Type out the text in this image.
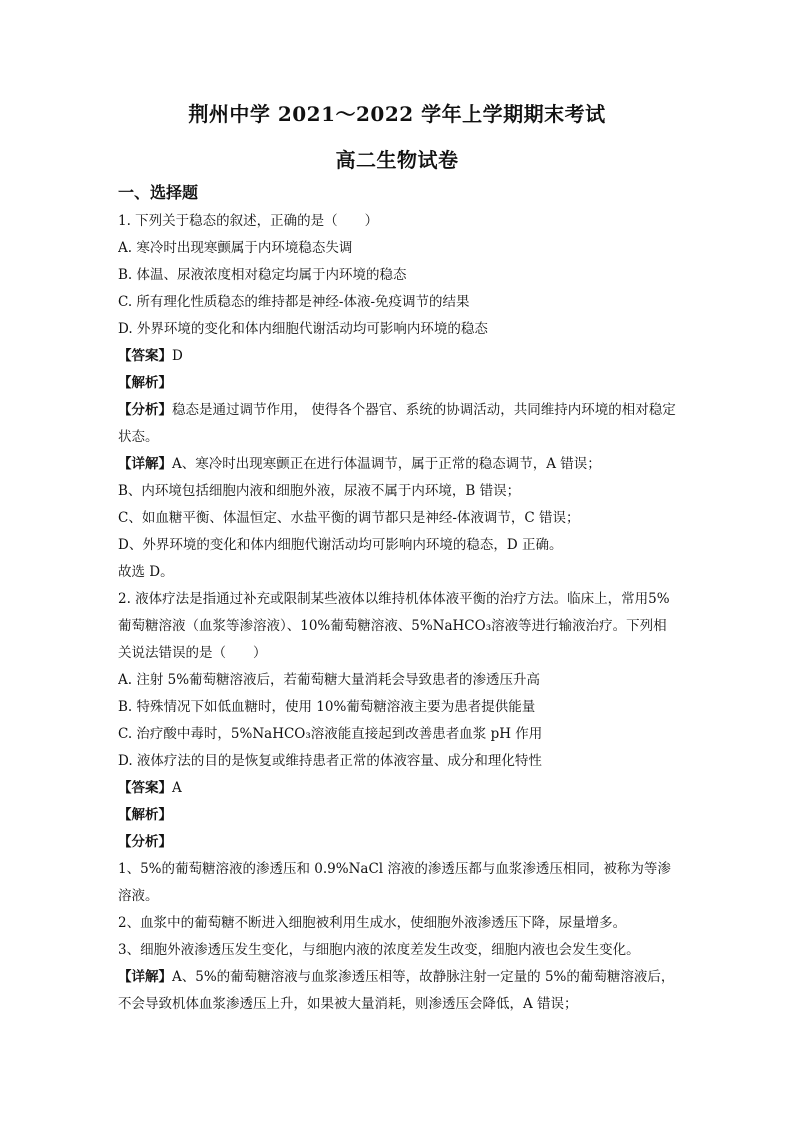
荆州中学 2021～2022 学年上学期期末考试
高二生物试卷
一、选择题
1. 下列关于稳态的叙述，正确的是（　　）
A. 寒冷时出现寒颤属于内环境稳态失调
B. 体温、尿液浓度相对稳定均属于内环境的稳态
C. 所有理化性质稳态的维持都是神经-体液-免疫调节的结果
D. 外界环境的变化和体内细胞代谢活动均可影响内环境的稳态
【答案】D
【解析】
【分析】稳态是通过调节作用， 使得各个器官、系统的协调活动，共同维持内环境的相对稳定状态。
【详解】A、寒冷时出现寒颤正在进行体温调节，属于正常的稳态调节，A 错误；
B、内环境包括细胞内液和细胞外液，尿液不属于内环境，B 错误；
C、如血糖平衡、体温恒定、水盐平衡的调节都只是神经-体液调节，C 错误；
D、外界环境的变化和体内细胞代谢活动均可影响内环境的稳态，D 正确。
故选 D。
2. 液体疗法是指通过补充或限制某些液体以维持机体体液平衡的治疗方法。临床上，常用5%葡萄糖溶液（血浆等渗溶液）、10%葡萄糖溶液、5%NaHCO₃溶液等进行输液治疗。下列相关说法错误的是（　　）
A. 注射 5%葡萄糖溶液后，若葡萄糖大量消耗会导致患者的渗透压升高
B. 特殊情况下如低血糖时，使用 10%葡萄糖溶液主要为患者提供能量
C. 治疗酸中毒时，5%NaHCO₃溶液能直接起到改善患者血浆 pH 作用
D. 液体疗法的目的是恢复或维持患者正常的体液容量、成分和理化特性
【答案】A
【解析】
【分析】
1、5%的葡萄糖溶液的渗透压和 0.9%NaCl 溶液的渗透压都与血浆渗透压相同，被称为等渗溶液。
2、血浆中的葡萄糖不断进入细胞被利用生成水，使细胞外液渗透压下降，尿量增多。
3、细胞外液渗透压发生变化，与细胞内液的浓度差发生改变，细胞内液也会发生变化。
【详解】A、5%的葡萄糖溶液与血浆渗透压相等，故静脉注射一定量的 5%的葡萄糖溶液后，不会导致机体血浆渗透压上升，如果被大量消耗，则渗透压会降低，A 错误；
